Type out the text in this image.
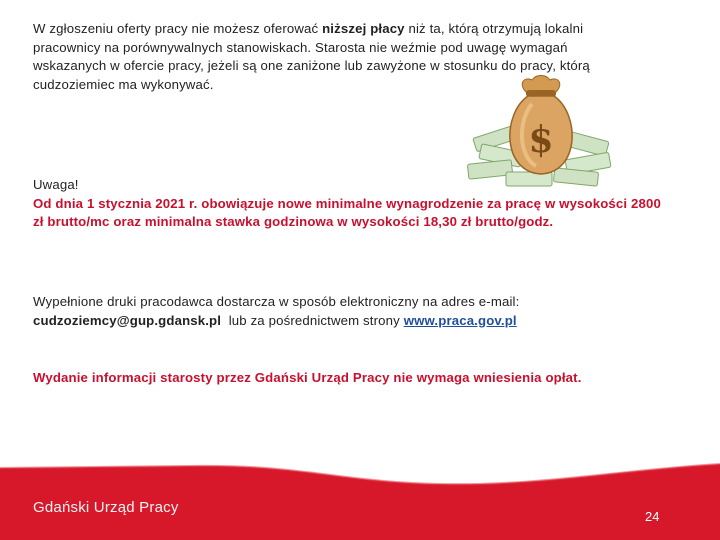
W zgłoszeniu oferty pracy nie możesz oferować niższej płacy niż ta, którą otrzymują lokalni pracownicy na porównywalnych stanowiskach. Starosta nie weźmie pod uwagę wymagań wskazanych w ofercie pracy, jeżeli są one zaniżone lub zawyżone w stosunku do pracy, którą cudzoziemiec ma wykonywać.
$
Uwaga!
Od dnia 1 stycznia 2021 r. obowiązuje nowe minimalne wynagrodzenie za pracę w wysokości 2800 zł brutto/mc oraz minimalna stawka godzinowa w wysokości 18,30 zł brutto/godz.
Wypełnione druki pracodawca dostarcza w sposób elektroniczny na adres e-mail:
cudzoziemcy@gup.gdansk.pl  lub za pośrednictwem strony www.praca.gov.pl
Wydanie informacji starosty przez Gdański Urząd Pracy nie wymaga wniesienia opłat.
Gdański Urząd Pracy
24
